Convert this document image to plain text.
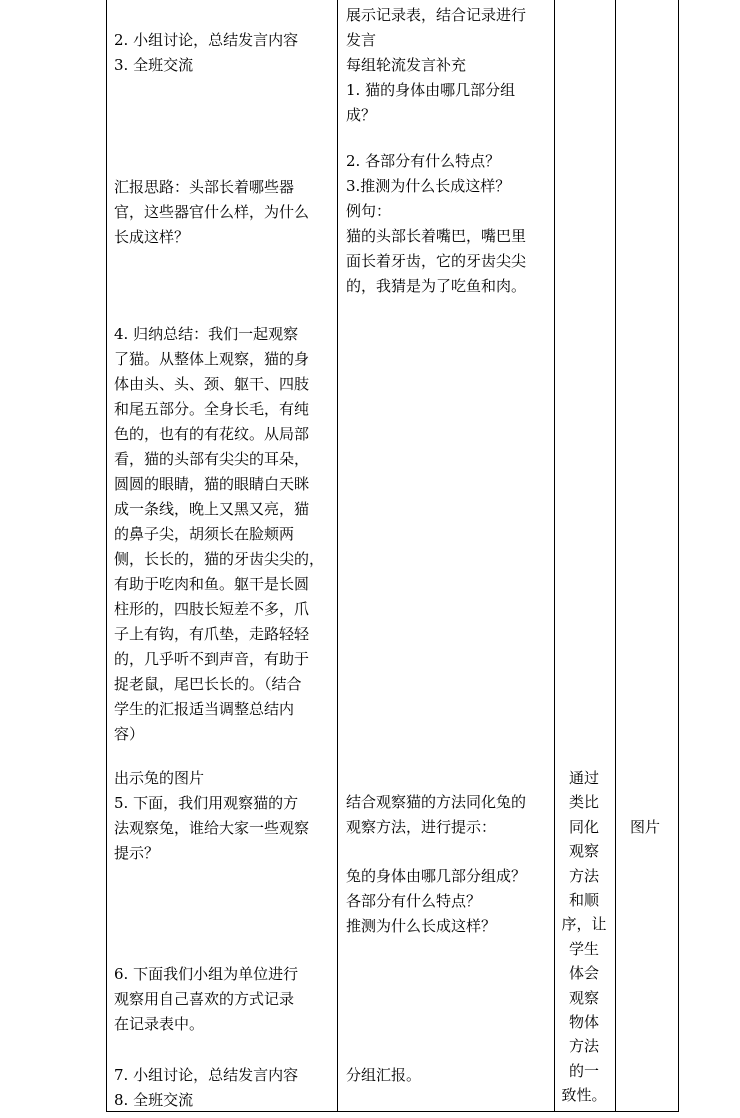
2. 小组讨论，总结发言内容
3. 全班交流
汇报思路：头部长着哪些器
官，这些器官什么样，为什么
长成这样？
4. 归纳总结：我们一起观察
了猫。从整体上观察，猫的身
体由头、头、颈、躯干、四肢
和尾五部分。全身长毛，有纯
色的，也有的有花纹。从局部
看，猫的头部有尖尖的耳朵，
圆圆的眼睛，猫的眼睛白天眯
成一条线，晚上又黑又亮，猫
的鼻子尖，胡须长在脸颊两
侧，长长的，猫的牙齿尖尖的，
有助于吃肉和鱼。躯干是长圆
柱形的，四肢长短差不多，爪
子上有钩，有爪垫，走路轻轻
的，几乎听不到声音，有助于
捉老鼠，尾巴长长的。（结合
学生的汇报适当调整总结内
容）
出示兔的图片
5. 下面，我们用观察猫的方
法观察兔，谁给大家一些观察
提示？
6. 下面我们小组为单位进行
观察用自己喜欢的方式记录
在记录表中。
7. 小组讨论，总结发言内容
8. 全班交流
展示记录表，结合记录进行
发言
每组轮流发言补充
1. 猫的身体由哪几部分组
成？
2. 各部分有什么特点？
3.推测为什么长成这样？
例句：
猫的头部长着嘴巴，嘴巴里
面长着牙齿，它的牙齿尖尖
的，我猜是为了吃鱼和肉。
结合观察猫的方法同化兔的
观察方法，进行提示：
兔的身体由哪几部分组成？
各部分有什么特点？
推测为什么长成这样？
分组汇报。
通过
类比
同化
观察
方法
和顺
序，让
学生
体会
观察
物体
方法
的一
致性。
图片
